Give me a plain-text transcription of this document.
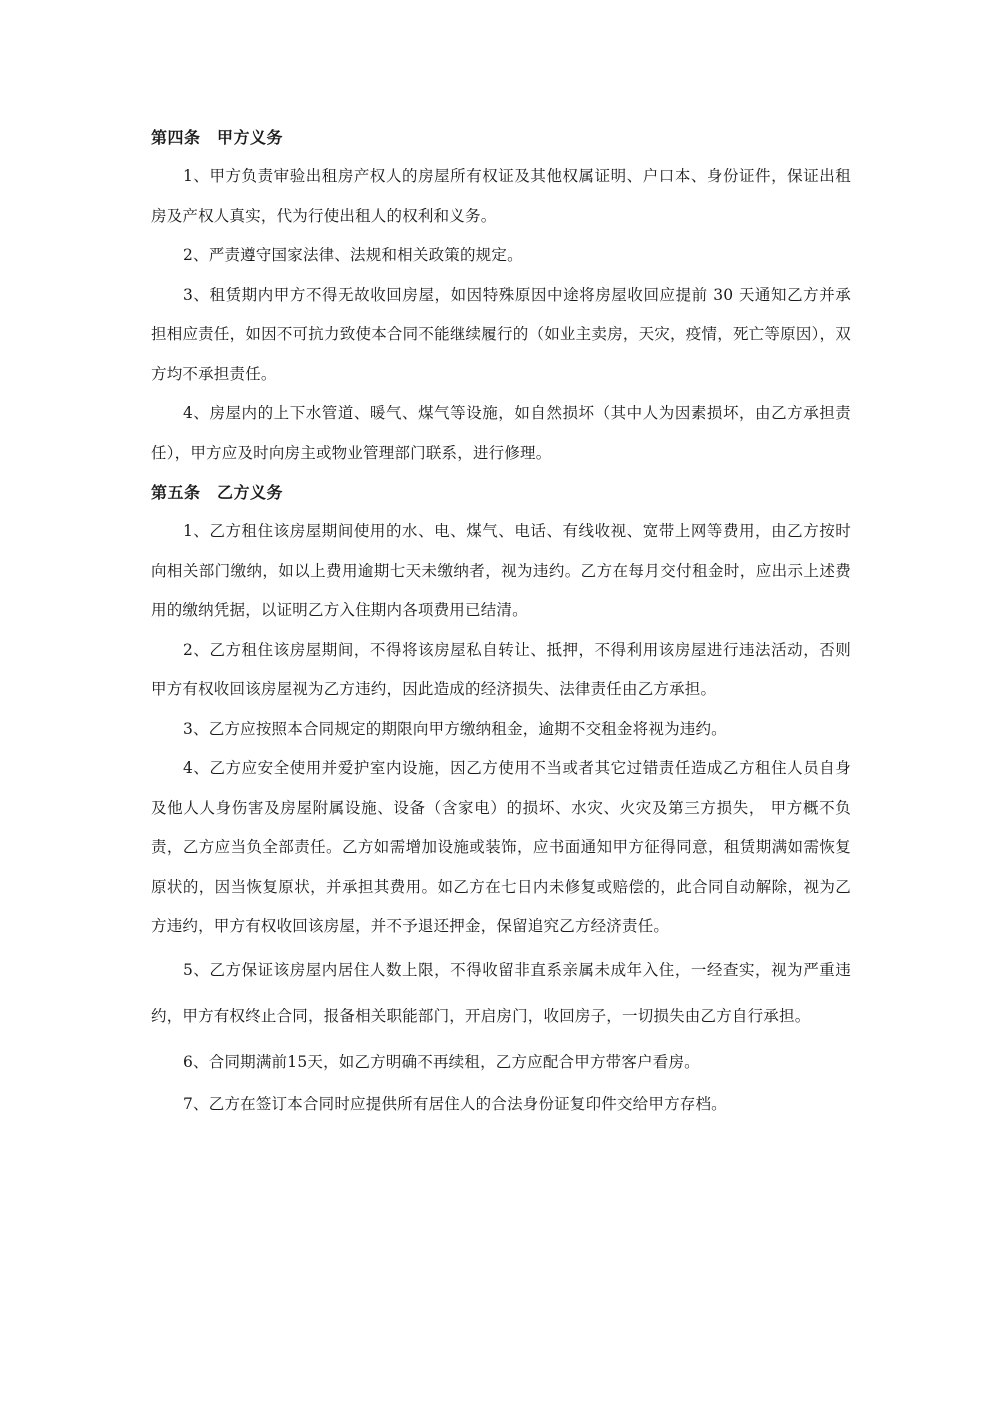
第四条　甲方义务

1、甲方负责审验出租房产权人的房屋所有权证及其他权属证明、户口本、身份证件，保证出租房及产权人真实，代为行使出租人的权利和义务。

2、严责遵守国家法律、法规和相关政策的规定。

3、租赁期内甲方不得无故收回房屋，如因特殊原因中途将房屋收回应提前 30 天通知乙方并承担相应责任，如因不可抗力致使本合同不能继续履行的（如业主卖房，天灾，疫情，死亡等原因），双方均不承担责任。

4、房屋内的上下水管道、暖气、煤气等设施，如自然损坏（其中人为因素损坏，由乙方承担责任），甲方应及时向房主或物业管理部门联系，进行修理。

第五条　乙方义务

1、乙方租住该房屋期间使用的水、电、煤气、电话、有线收视、宽带上网等费用，由乙方按时向相关部门缴纳，如以上费用逾期七天未缴纳者，视为违约。乙方在每月交付租金时，应出示上述费用的缴纳凭据，以证明乙方入住期内各项费用已结清。

2、乙方租住该房屋期间，不得将该房屋私自转让、抵押，不得利用该房屋进行违法活动，否则甲方有权收回该房屋视为乙方违约，因此造成的经济损失、法律责任由乙方承担。

3、乙方应按照本合同规定的期限向甲方缴纳租金，逾期不交租金将视为违约。

4、乙方应安全使用并爱护室内设施，因乙方使用不当或者其它过错责任造成乙方租住人员自身及他人人身伤害及房屋附属设施、设备（含家电）的损坏、水灾、火灾及第三方损失， 甲方概不负责，乙方应当负全部责任。乙方如需增加设施或装饰，应书面通知甲方征得同意，租赁期满如需恢复原状的，因当恢复原状，并承担其费用。如乙方在七日内未修复或赔偿的，此合同自动解除，视为乙方违约，甲方有权收回该房屋，并不予退还押金，保留追究乙方经济责任。

5、乙方保证该房屋内居住人数上限，不得收留非直系亲属未成年入住，一经查实，视为严重违约，甲方有权终止合同，报备相关职能部门，开启房门，收回房子，一切损失由乙方自行承担。

6、合同期满前15天，如乙方明确不再续租，乙方应配合甲方带客户看房。

7、乙方在签订本合同时应提供所有居住人的合法身份证复印件交给甲方存档。
